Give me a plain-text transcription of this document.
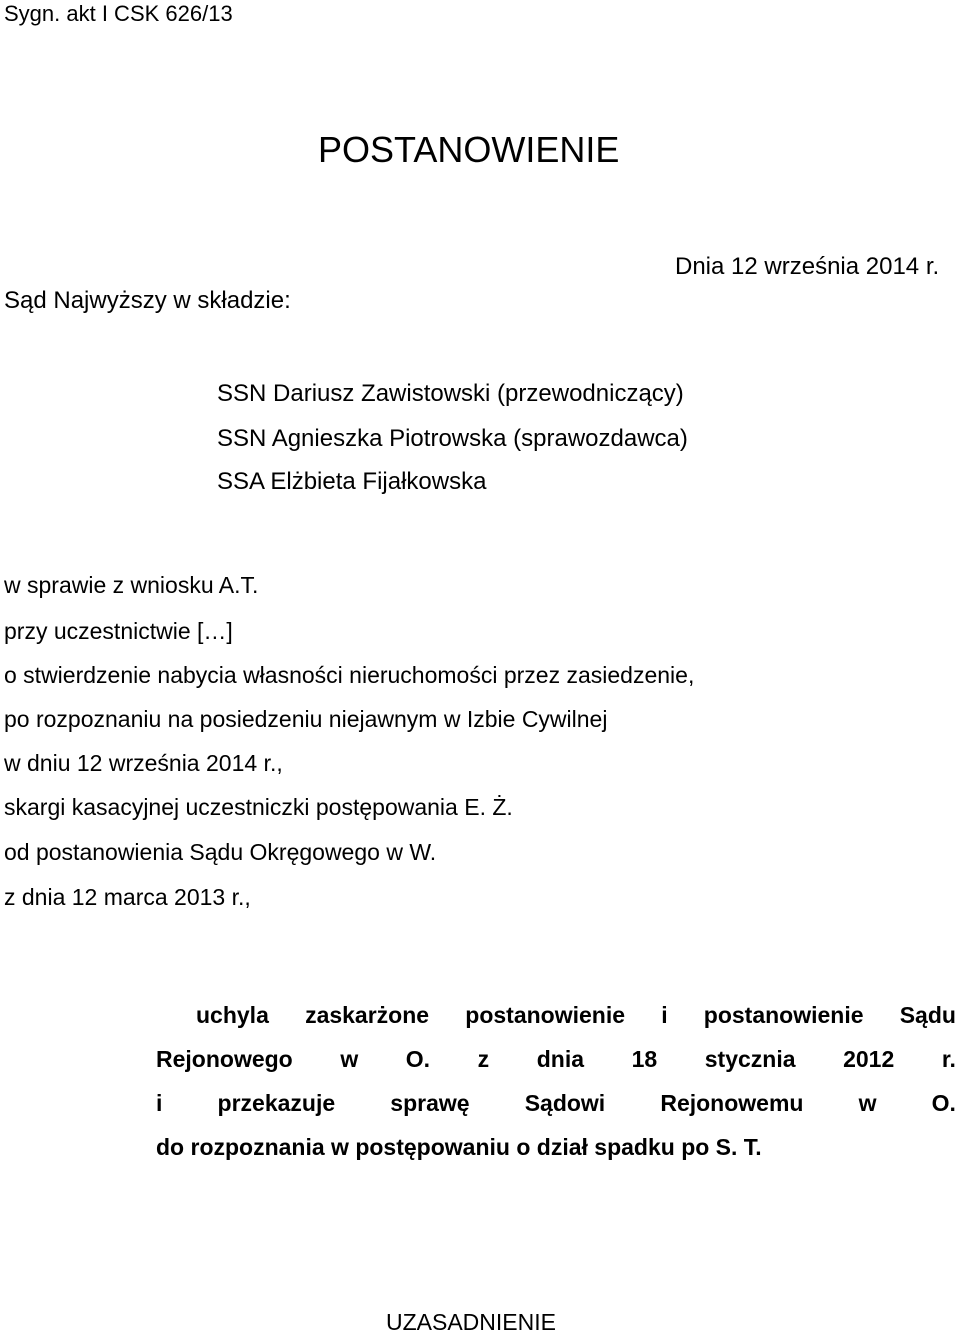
Sygn. akt I CSK 626/13
POSTANOWIENIE
Dnia 12 września 2014 r.
Sąd Najwyższy w składzie:
SSN Dariusz Zawistowski (przewodniczący)
SSN Agnieszka Piotrowska (sprawozdawca)
SSA Elżbieta Fijałkowska
w sprawie z wniosku A.T.
przy uczestnictwie […]
o stwierdzenie nabycia własności nieruchomości przez zasiedzenie,
po rozpoznaniu na posiedzeniu niejawnym w Izbie Cywilnej
w dniu 12 września 2014 r.,
skargi kasacyjnej uczestniczki postępowania E. Ż.
od postanowienia Sądu Okręgowego w W.
z dnia 12 marca 2013 r.,
uchyla zaskarżone postanowienie i postanowienie Sądu
Rejonowego w O. z dnia 18 stycznia 2012 r.
i przekazuje sprawę Sądowi Rejonowemu w O.
do rozpoznania w postępowaniu o dział spadku po S. T.
UZASADNIENIE
